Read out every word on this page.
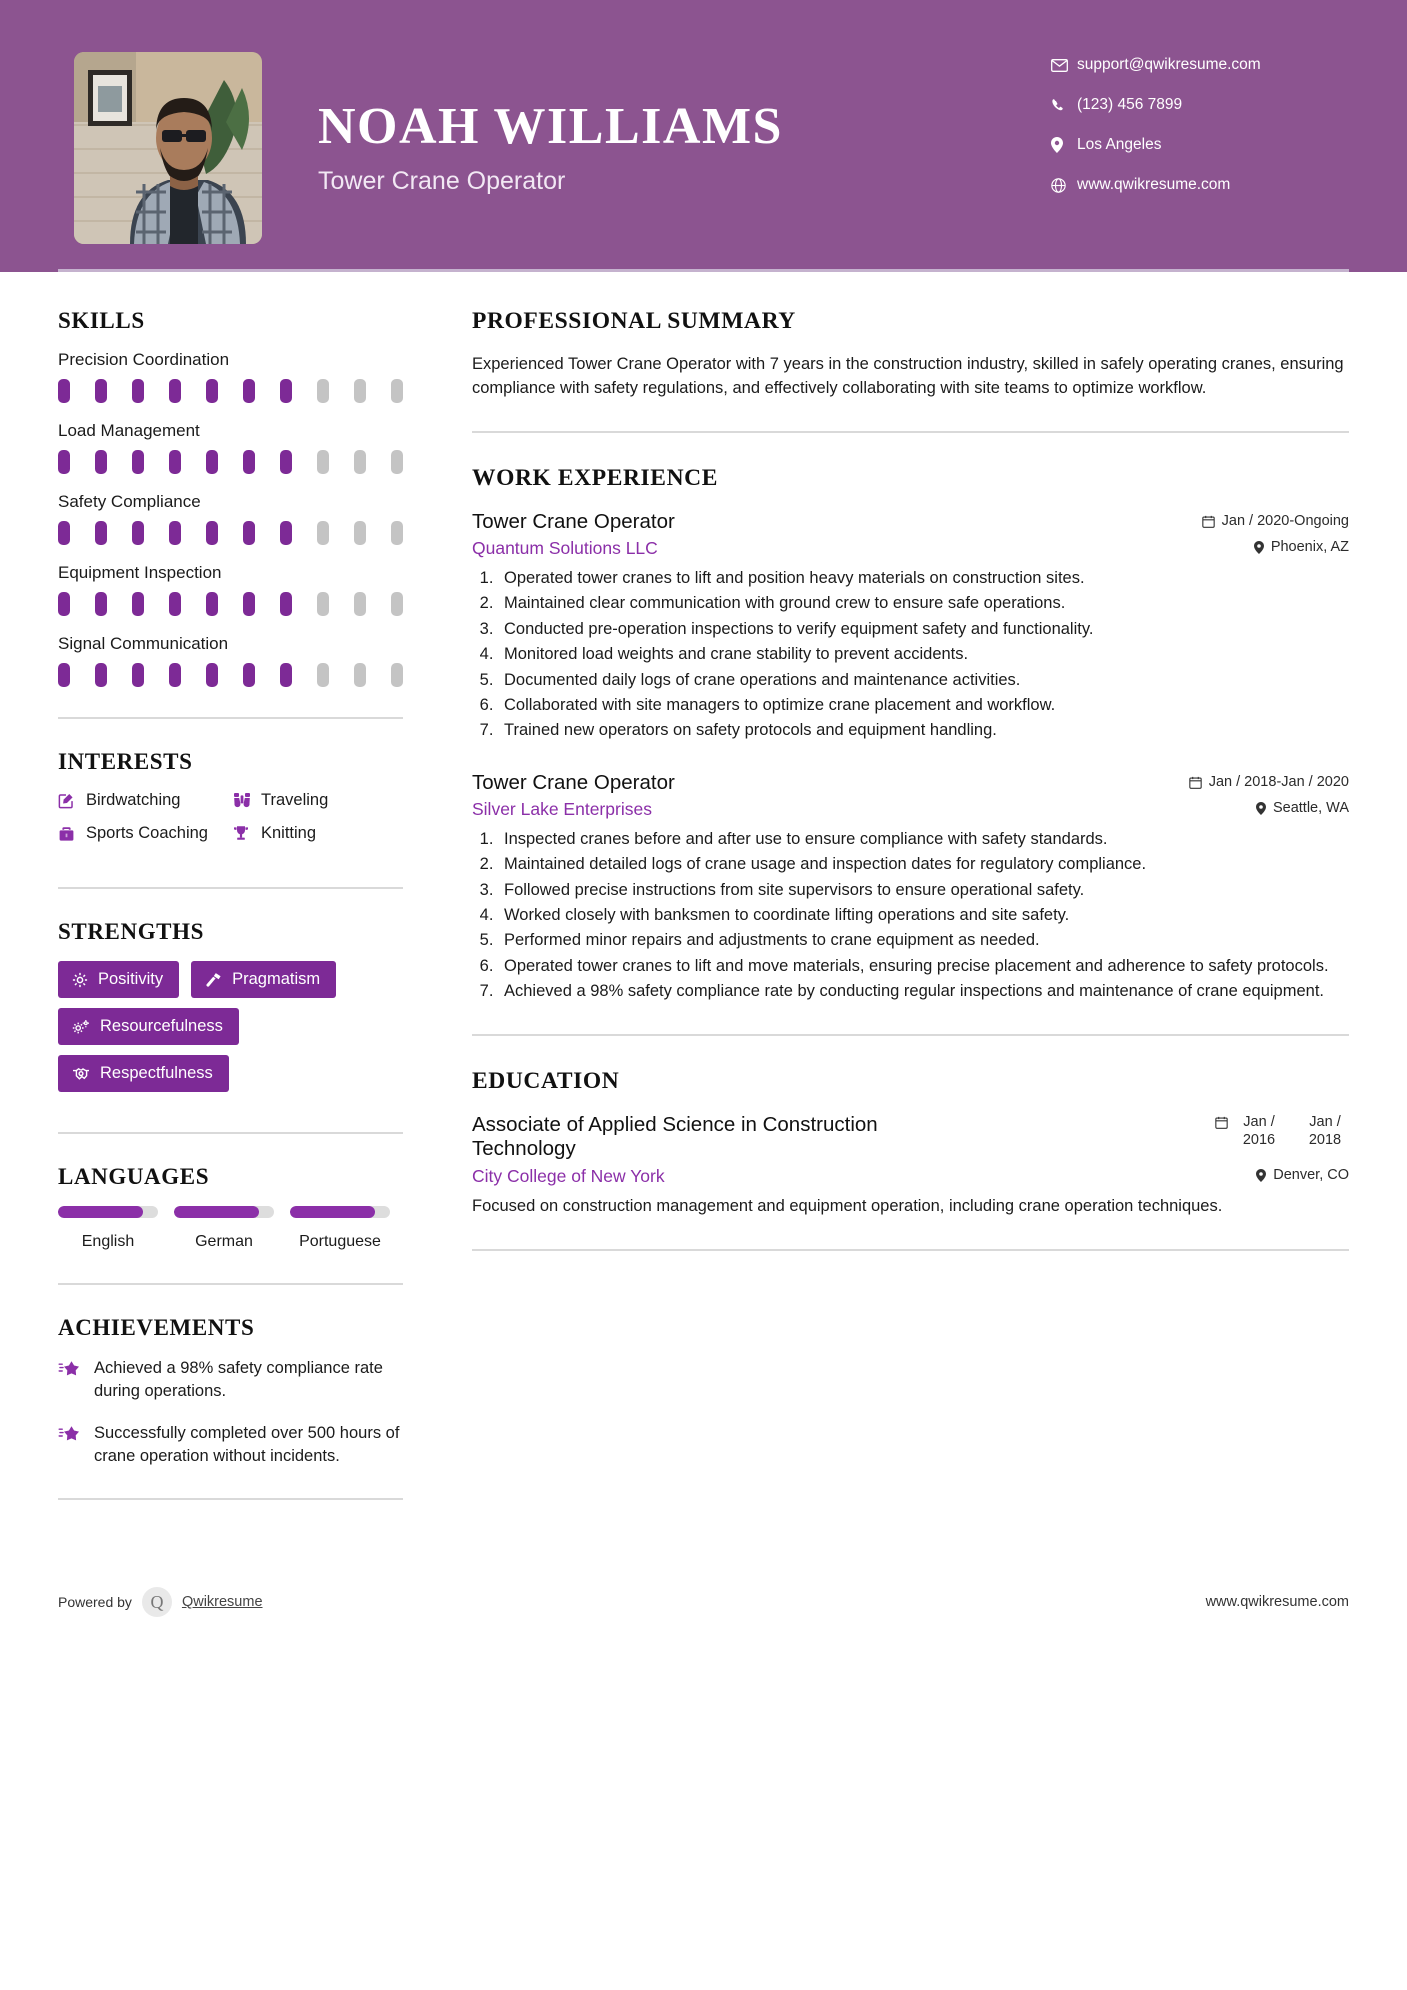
NOAH WILLIAMS
Tower Crane Operator
support@qwikresume.com
(123) 456 7899
Los Angeles
www.qwikresume.com
SKILLS
Precision Coordination
Load Management
Safety Compliance
Equipment Inspection
Signal Communication
INTERESTS
Birdwatching	Traveling
Sports Coaching	Knitting
STRENGTHS
Positivity	Pragmatism
Resourcefulness
Respectfulness
LANGUAGES
English	German	Portuguese
ACHIEVEMENTS
Achieved a 98% safety compliance rate during operations.
Successfully completed over 500 hours of crane operation without incidents.
PROFESSIONAL SUMMARY
Experienced Tower Crane Operator with 7 years in the construction industry, skilled in safely operating cranes, ensuring compliance with safety regulations, and effectively collaborating with site teams to optimize workflow.
WORK EXPERIENCE
Tower Crane Operator	Jan / 2020-Ongoing
Quantum Solutions LLC	Phoenix, AZ
1. Operated tower cranes to lift and position heavy materials on construction sites.
2. Maintained clear communication with ground crew to ensure safe operations.
3. Conducted pre-operation inspections to verify equipment safety and functionality.
4. Monitored load weights and crane stability to prevent accidents.
5. Documented daily logs of crane operations and maintenance activities.
6. Collaborated with site managers to optimize crane placement and workflow.
7. Trained new operators on safety protocols and equipment handling.
Tower Crane Operator	Jan / 2018-Jan / 2020
Silver Lake Enterprises	Seattle, WA
1. Inspected cranes before and after use to ensure compliance with safety standards.
2. Maintained detailed logs of crane usage and inspection dates for regulatory compliance.
3. Followed precise instructions from site supervisors to ensure operational safety.
4. Worked closely with banksmen to coordinate lifting operations and site safety.
5. Performed minor repairs and adjustments to crane equipment as needed.
6. Operated tower cranes to lift and move materials, ensuring precise placement and adherence to safety protocols.
7. Achieved a 98% safety compliance rate by conducting regular inspections and maintenance of crane equipment.
EDUCATION
Associate of Applied Science in Construction Technology
Jan / 2016
Jan / 2018
City College of New York	Denver, CO
Focused on construction management and equipment operation, including crane operation techniques.
Powered by	Q	Qwikresume	www.qwikresume.com
